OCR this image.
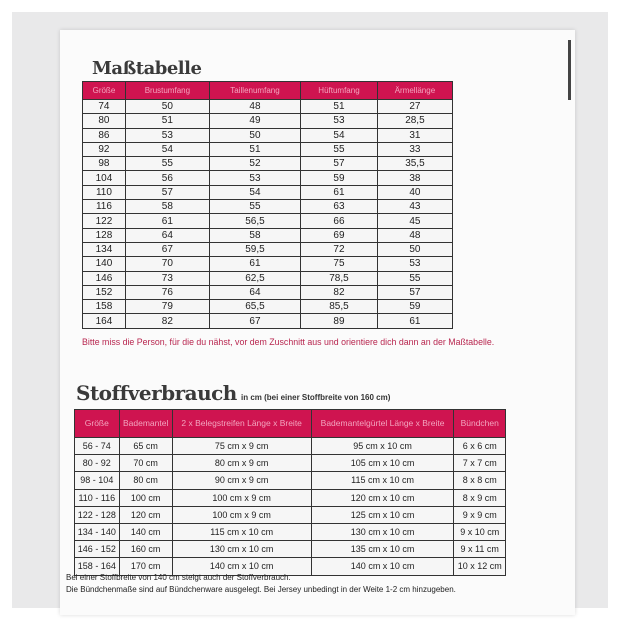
Maßtabelle
Größe	Brustumfang	Taillenumfang	Hüftumfang	Ärmellänge
74	50	48	51	27
80	51	49	53	28,5
86	53	50	54	31
92	54	51	55	33
98	55	52	57	35,5
104	56	53	59	38
110	57	54	61	40
116	58	55	63	43
122	61	56,5	66	45
128	64	58	69	48
134	67	59,5	72	50
140	70	61	75	53
146	73	62,5	78,5	55
152	76	64	82	57
158	79	65,5	85,5	59
164	82	67	89	61
Bitte miss die Person, für die du nähst, vor dem Zuschnitt aus und orientiere dich dann an der Maßtabelle.
Stoffverbrauch in cm (bei einer Stoffbreite von 160 cm)
Größe	Bademantel	2 x Belegstreifen Länge x Breite	Bademantelgürtel Länge x Breite	Bündchen
56 - 74	65 cm	75 cm x 9 cm	95 cm x 10 cm	6 x 6 cm
80 - 92	70 cm	80 cm x 9 cm	105 cm x 10 cm	7 x 7 cm
98 - 104	80 cm	90 cm x 9 cm	115 cm x 10 cm	8 x 8 cm
110 - 116	100 cm	100 cm x 9 cm	120 cm x 10 cm	8 x 9 cm
122 - 128	120 cm	100 cm x 9 cm	125 cm x 10 cm	9 x 9 cm
134 - 140	140 cm	115 cm x 10 cm	130 cm x 10 cm	9 x 10 cm
146 - 152	160 cm	130 cm x 10 cm	135 cm x 10 cm	9 x 11 cm
158 - 164	170 cm	140 cm x 10 cm	140 cm x 10 cm	10 x 12 cm
Bei einer Stoffbreite von 140 cm steigt auch der Stoffverbrauch.
Die Bündchenmaße sind auf Bündchenware ausgelegt. Bei Jersey unbedingt in der Weite 1-2 cm hinzugeben.
